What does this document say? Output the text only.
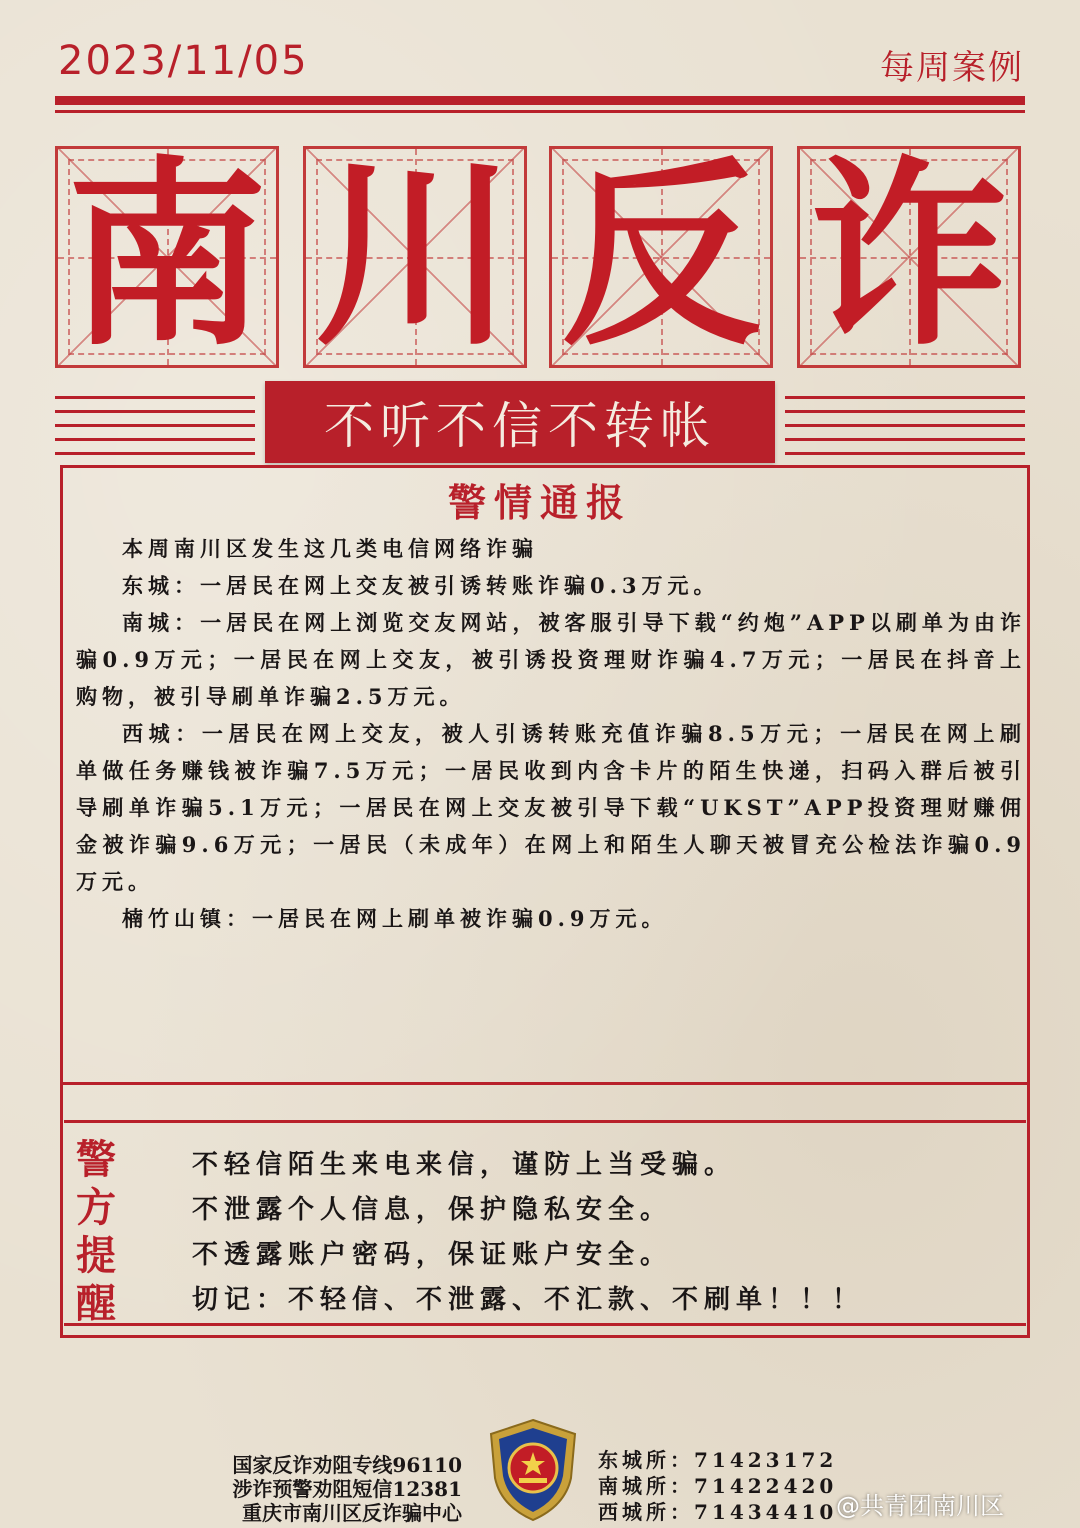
2023/11/05	每周案例
南 川 反 诈
不听不信不转帐
警情通报

本周南川区发生这几类电信网络诈骗

东城：一居民在网上交友被引诱转账诈骗0.3万元。

南城：一居民在网上浏览交友网站，被客服引导下载“约炮”APP以刷单为由诈骗0.9万元；一居民在网上交友，被引诱投资理财诈骗4.7万元；一居民在抖音上购物，被引导刷单诈骗2.5万元。

西城：一居民在网上交友，被人引诱转账充值诈骗8.5万元；一居民在网上刷单做任务赚钱被诈骗7.5万元；一居民收到内含卡片的陌生快递，扫码入群后被引导刷单诈骗5.1万元；一居民在网上交友被引导下载“UKST”APP投资理财赚佣金被诈骗9.6万元；一居民（未成年）在网上和陌生人聊天被冒充公检法诈骗0.9万元。

楠竹山镇：一居民在网上刷单被诈骗0.9万元。

警
方
提
醒
不轻信陌生来电来信，谨防上当受骗。
不泄露个人信息，保护隐私安全。
不透露账户密码，保证账户安全。
切记：不轻信、不泄露、不汇款、不刷单！！！
国家反诈劝阻专线96110
涉诈预警劝阻短信12381
重庆市南川区反诈骗中心
东城所：71423172
南城所：71422420
西城所：71434410
@共青团南川区
